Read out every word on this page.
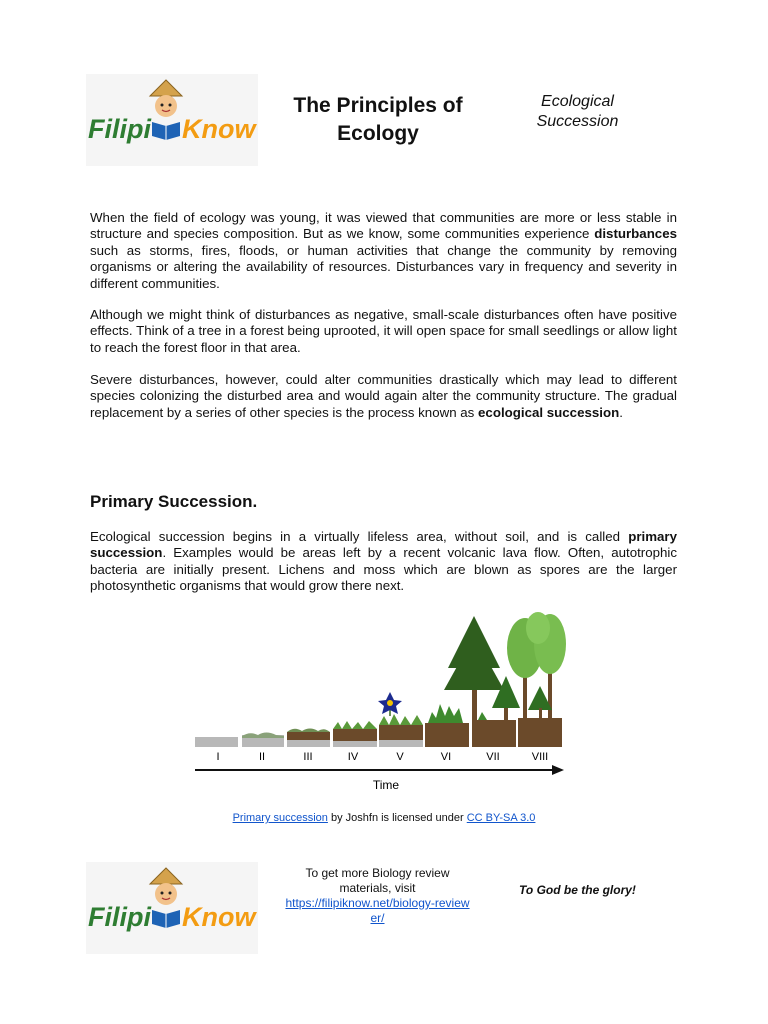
Filipi Know
The Principles of Ecology
Ecological Succession

When the field of ecology was young, it was viewed that communities are more or less stable in structure and species composition. But as we know, some communities experience disturbances such as storms, fires, floods, or human activities that change the community by removing organisms or altering the availability of resources. Disturbances vary in frequency and severity in different communities.

Although we might think of disturbances as negative, small-scale disturbances often have positive effects. Think of a tree in a forest being uprooted, it will open space for small seedlings or allow light to reach the forest floor in that area.

Severe disturbances, however, could alter communities drastically which may lead to different species colonizing the disturbed area and would again alter the community structure. The gradual replacement by a series of other species is the process known as ecological succession.

Primary Succession.

Ecological succession begins in a virtually lifeless area, without soil, and is called primary succession. Examples would be areas left by a recent volcanic lava flow. Often, autotrophic bacteria are initially present. Lichens and moss which are blown as spores are the larger photosynthetic organisms that would grow there next.

I	II	III	IV	V	VI	VII	VIII
Time
Primary succession by Joshfn is licensed under CC BY-SA 3.0
Filipi Know
To get more Biology review materials, visit
https://filipiknow.net/biology-reviewer/
To God be the glory!
